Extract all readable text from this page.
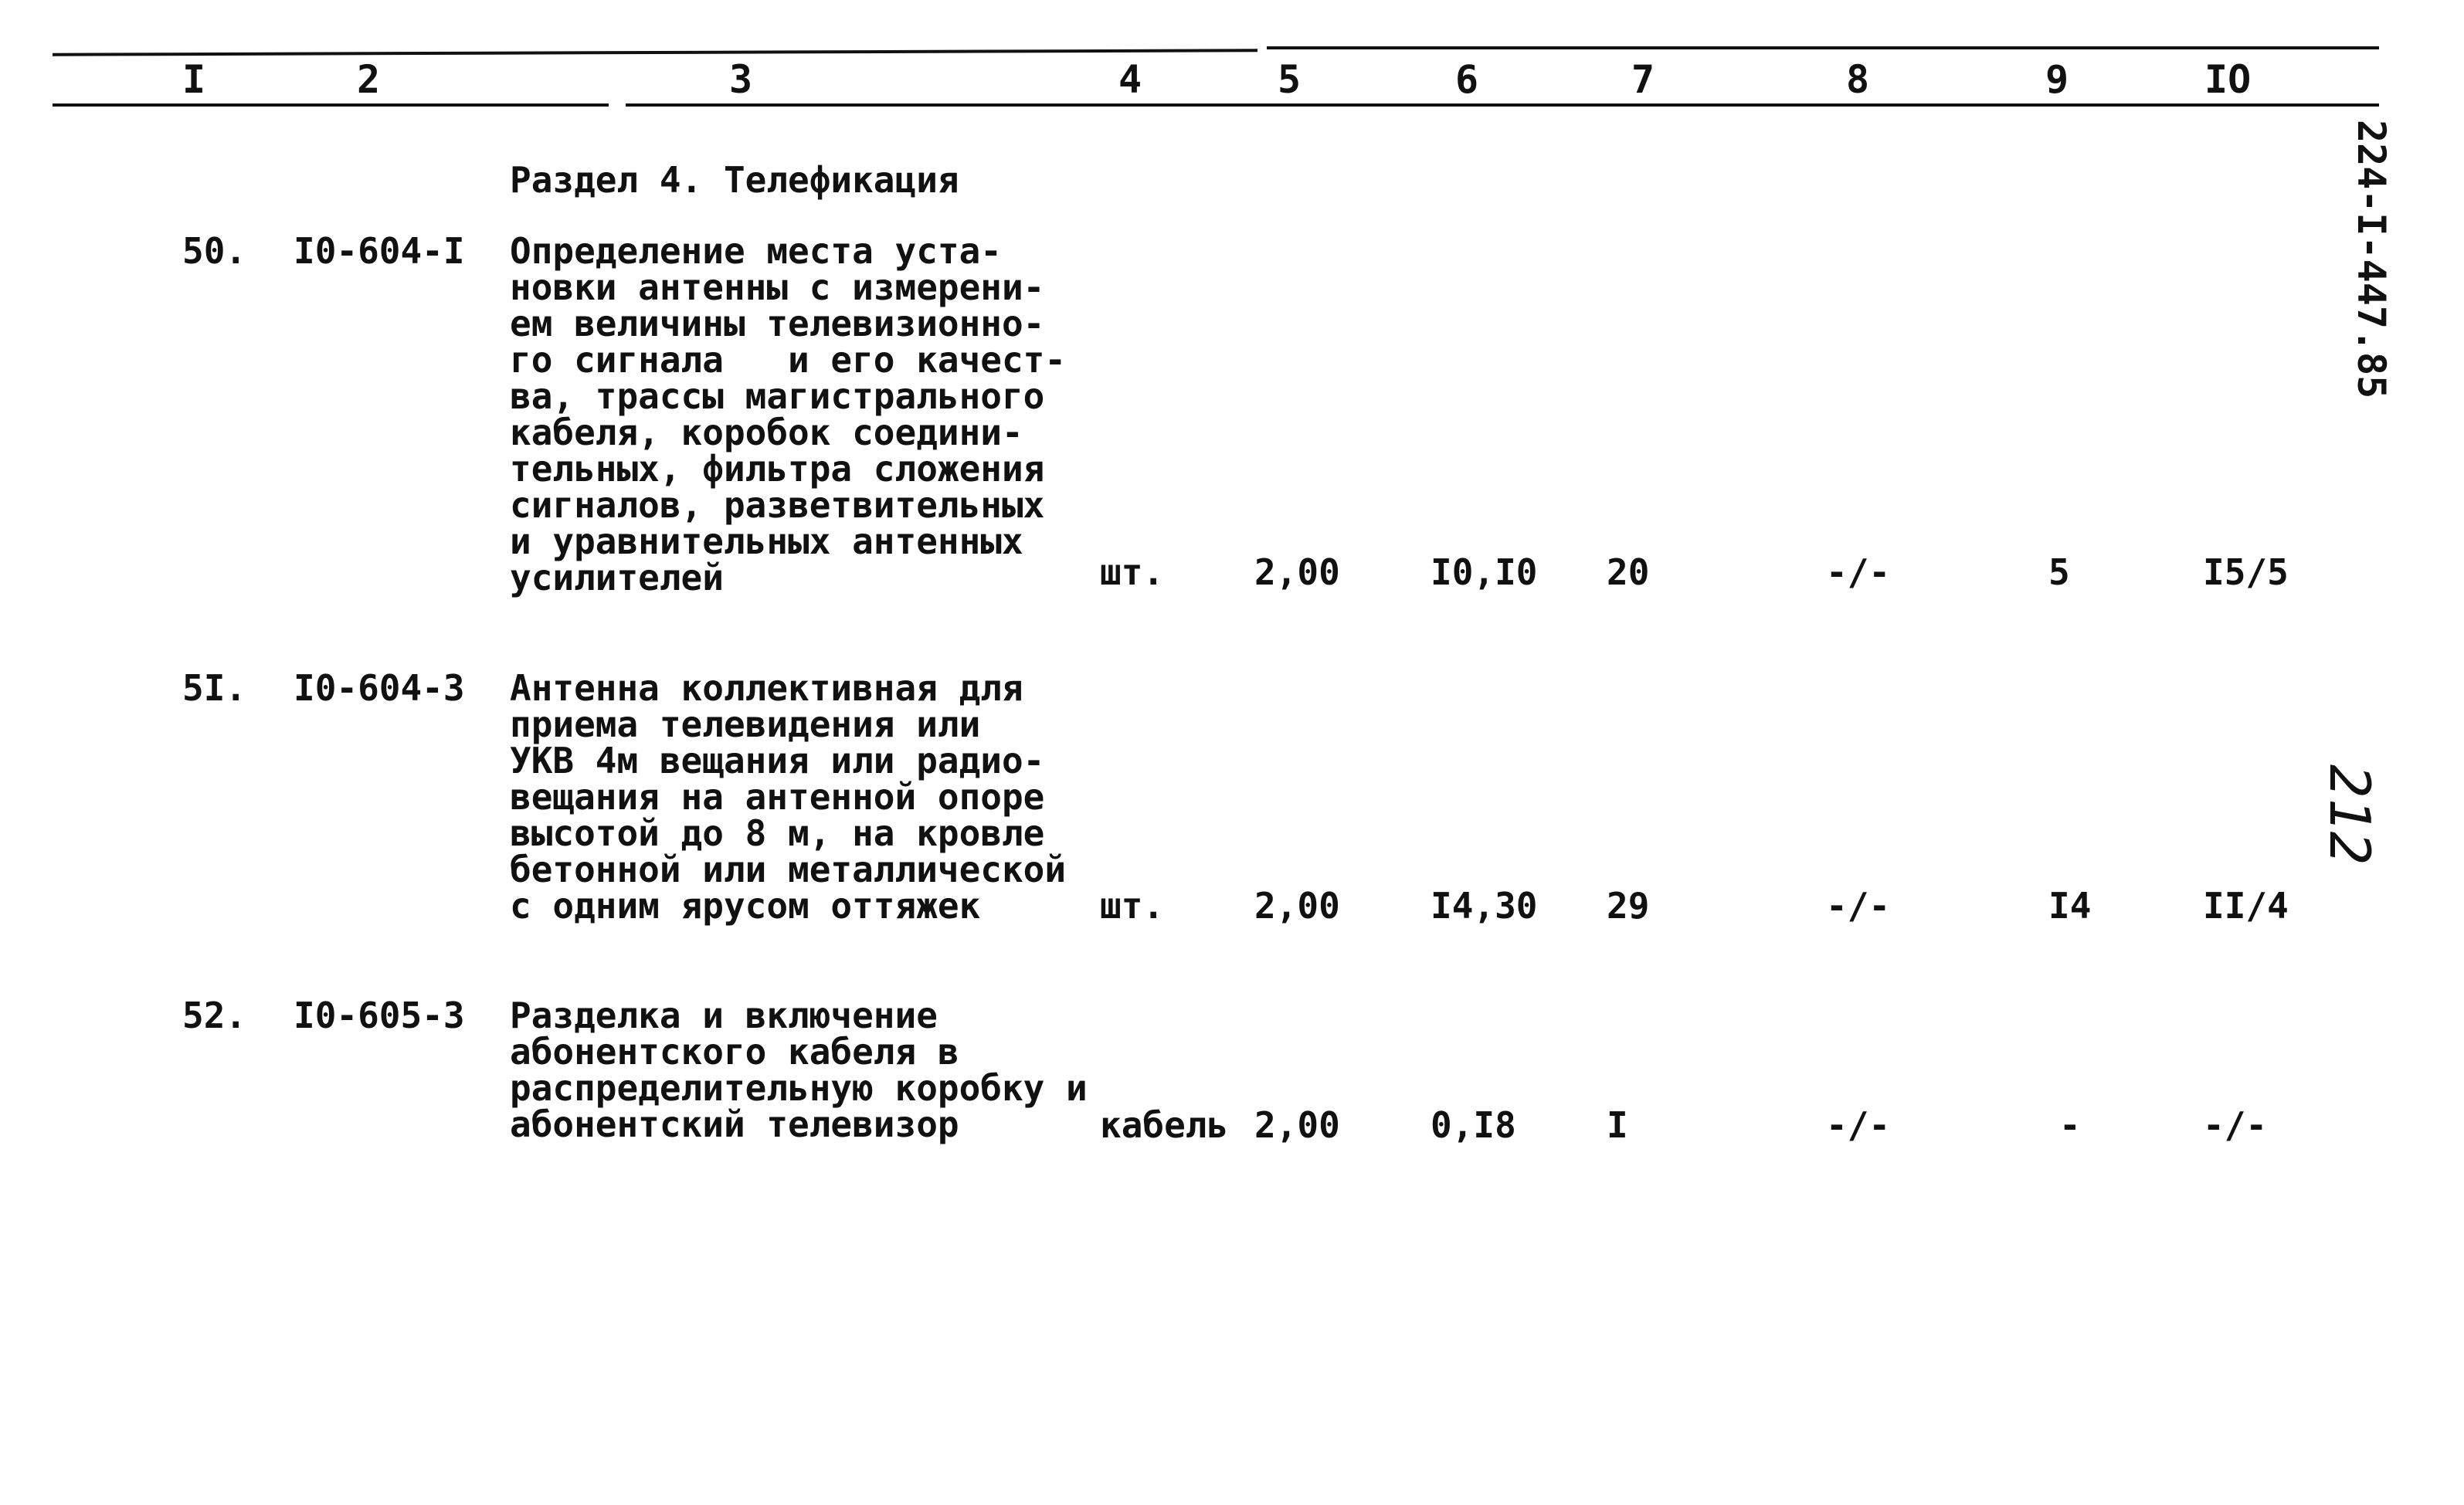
I	2	3	4	5	6	7	8	9	IO
224-I-447.85
212
Раздел 4. Телефикация
50. I0-604-I Определение места уста-
новки антенны с измерени-
ем величины телевизионно-
го сигнала   и его качест-
ва, трассы магистрального
кабеля, коробок соедини-
тельных, фильтра сложения
сигналов, разветвительных
и уравнительных антенных
усилителей	шт.	2,00	I0,I0 20	-/-	5	I5/5
5I. I0-604-3 Антенна коллективная для
приема телевидения или
УКВ 4м вещания или радио-
вещания на антенной опоре
высотой до 8 м, на кровле
бетонной или металлической
с одним ярусом оттяжек	шт.	2,00	I4,30 29	-/-	I4	II/4
52. I0-605-3 Разделка и включение
абонентского кабеля в
распределительную коробку и
абонентский телевизор	кабель 2,00	0,I8	I	-/-	-	-/-
